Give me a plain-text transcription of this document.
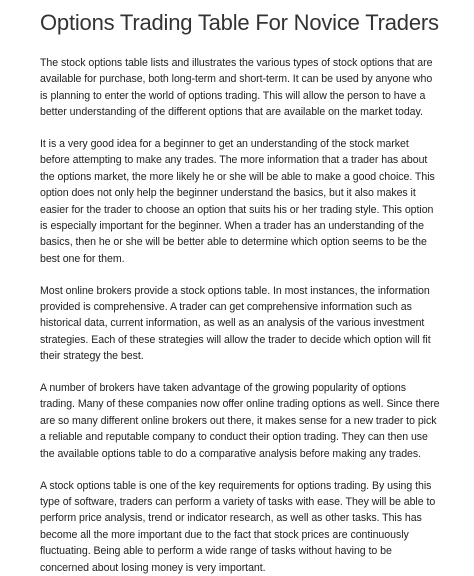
Options Trading Table For Novice Traders

The stock options table lists and illustrates the various types of stock options that are available for purchase, both long-term and short-term. It can be used by anyone who is planning to enter the world of options trading. This will allow the person to have a better understanding of the different options that are available on the market today.

It is a very good idea for a beginner to get an understanding of the stock market before attempting to make any trades. The more information that a trader has about the options market, the more likely he or she will be able to make a good choice. This option does not only help the beginner understand the basics, but it also makes it easier for the trader to choose an option that suits his or her trading style. This option is especially important for the beginner. When a trader has an understanding of the basics, then he or she will be better able to determine which option seems to be the best one for them.

Most online brokers provide a stock options table. In most instances, the information provided is comprehensive. A trader can get comprehensive information such as historical data, current information, as well as an analysis of the various investment strategies. Each of these strategies will allow the trader to decide which option will fit their strategy the best.

A number of brokers have taken advantage of the growing popularity of options trading. Many of these companies now offer online trading options as well. Since there are so many different online brokers out there, it makes sense for a new trader to pick a reliable and reputable company to conduct their option trading. They can then use the available options table to do a comparative analysis before making any trades.

A stock options table is one of the key requirements for options trading. By using this type of software, traders can perform a variety of tasks with ease. They will be able to perform price analysis, trend or indicator research, as well as other tasks. This has become all the more important due to the fact that stock prices are continuously fluctuating. Being able to perform a wide range of tasks without having to be concerned about losing money is very important.
